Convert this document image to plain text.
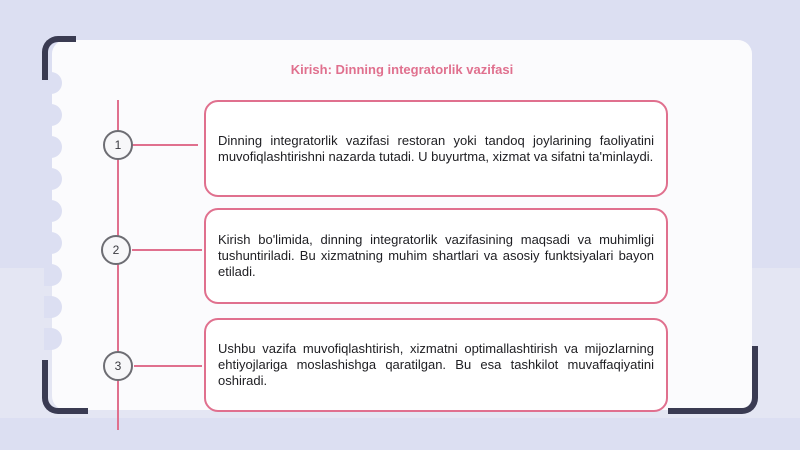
Kirish: Dinning integratorlik vazifasi
1	Dinning integratorlik vazifasi restoran yoki tandoq joylarining faoliyatini muvofiqlashtirishni nazarda tutadi. U buyurtma, xizmat va sifatni ta'minlaydi.

2

Kirish bo'limida, dinning integratorlik vazifasining maqsadi va muhimligi tushuntiriladi. Bu xizmatning muhim shartlari va asosiy funktsiyalari bayon etiladi.

3

Ushbu vazifa muvofiqlashtirish, xizmatni optimallashtirish va mijozlarning ehtiyojlariga moslashishga qaratilgan. Bu esa tashkilot muvaffaqiyatini oshiradi.
